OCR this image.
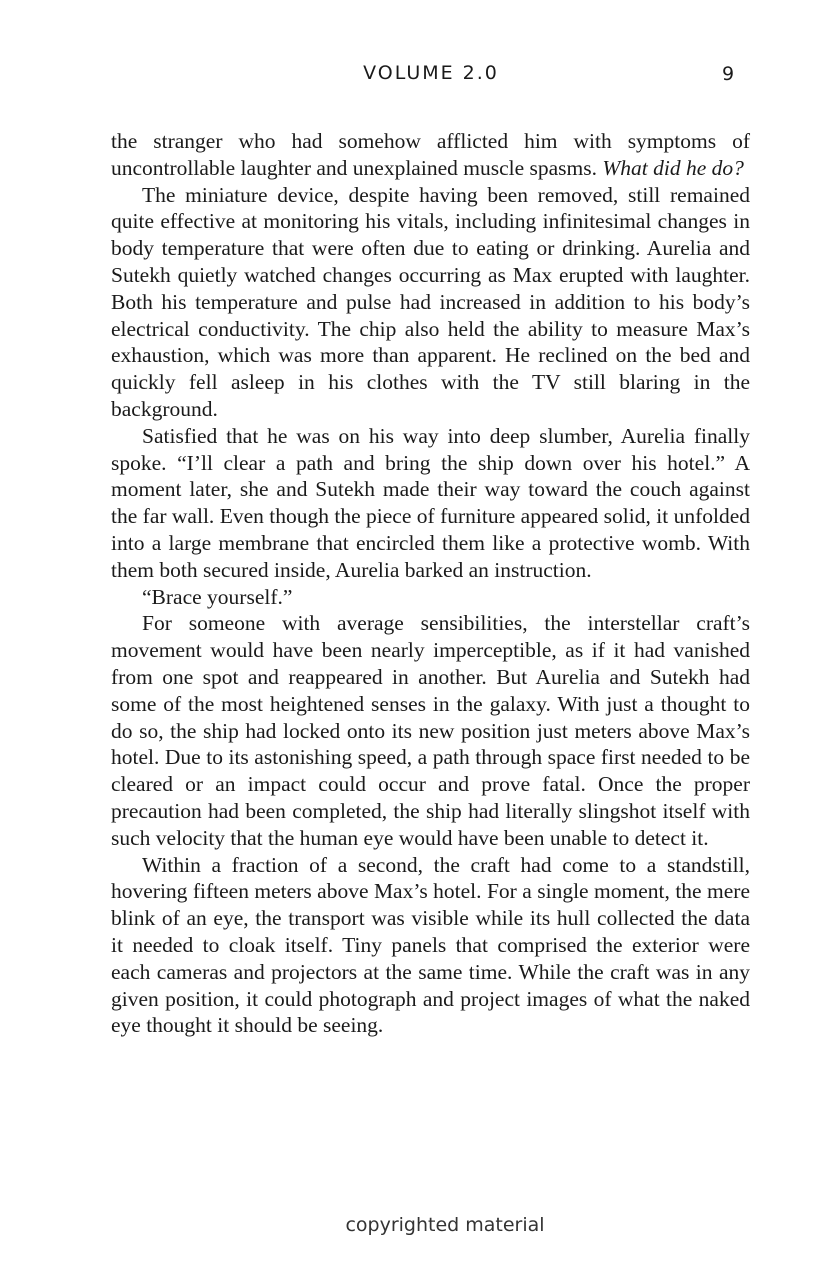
VOLUME 2.0	9

the stranger who had somehow afflicted him with symptoms of uncontrollable laughter and unexplained muscle spasms. What did he do?

The miniature device, despite having been removed, still remained quite effective at monitoring his vitals, including infinitesimal changes in body temperature that were often due to eating or drinking. Aurelia and Sutekh quietly watched changes occurring as Max erupted with laughter. Both his temperature and pulse had increased in addition to his body’s electrical conductivity. The chip also held the ability to measure Max’s exhaustion, which was more than apparent. He reclined on the bed and quickly fell asleep in his clothes with the TV still blaring in the background.

Satisfied that he was on his way into deep slumber, Aurelia finally spoke. “I’ll clear a path and bring the ship down over his hotel.” A moment later, she and Sutekh made their way toward the couch against the far wall. Even though the piece of furniture appeared solid, it unfolded into a large membrane that encircled them like a protective womb. With them both secured inside, Aurelia barked an instruction.

“Brace yourself.”

For someone with average sensibilities, the interstellar craft’s movement would have been nearly imperceptible, as if it had vanished from one spot and reappeared in another. But Aurelia and Sutekh had some of the most heightened senses in the galaxy. With just a thought to do so, the ship had locked onto its new position just meters above Max’s hotel. Due to its astonishing speed, a path through space first needed to be cleared or an impact could occur and prove fatal. Once the proper precaution had been completed, the ship had literally slingshot itself with such velocity that the human eye would have been unable to detect it.

Within a fraction of a second, the craft had come to a standstill, hovering fifteen meters above Max’s hotel. For a single moment, the mere blink of an eye, the transport was visible while its hull collected the data it needed to cloak itself. Tiny panels that comprised the exterior were each cameras and projectors at the same time. While the craft was in any given position, it could photograph and project images of what the naked eye thought it should be seeing.

copyrighted material
